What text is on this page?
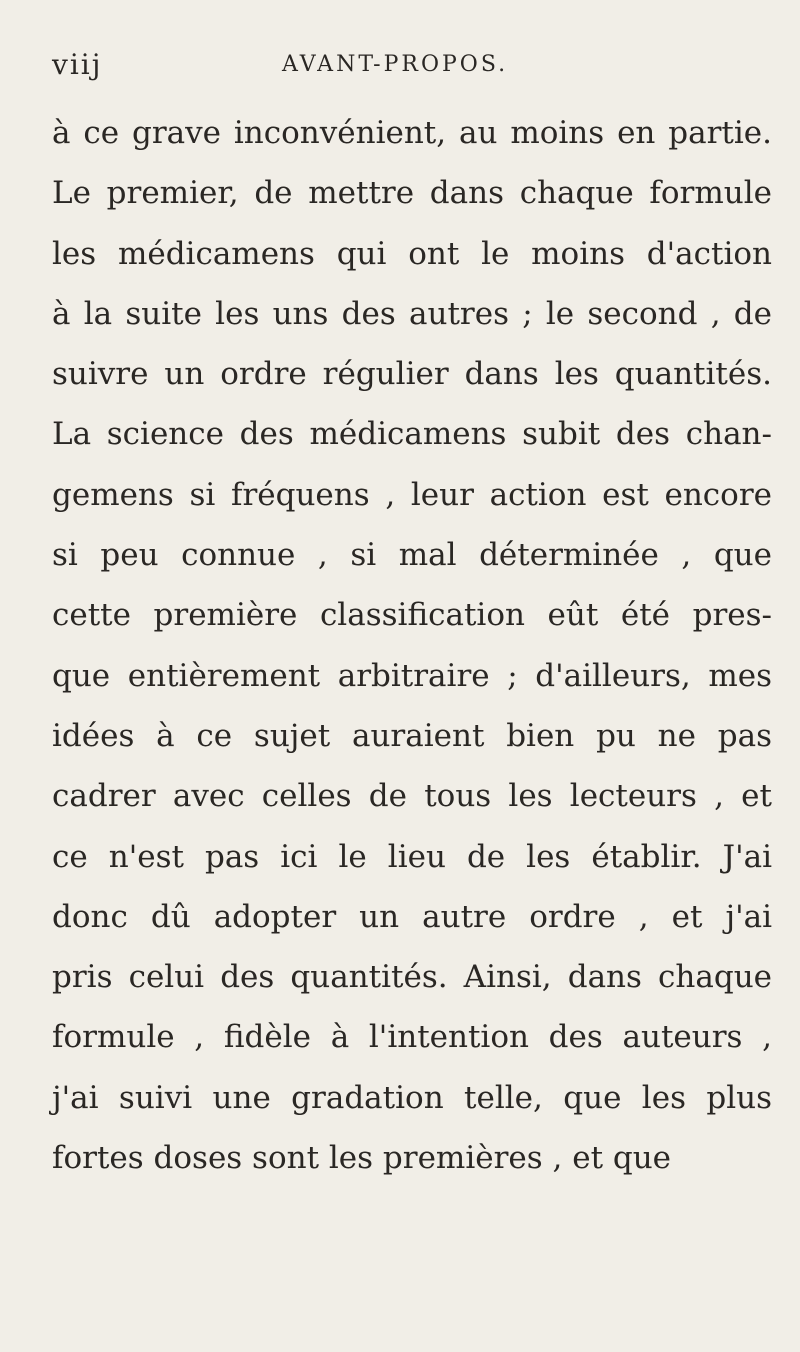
viij	AVANT-PROPOS.
à ce grave inconvénient, au moins en partie.
Le premier, de mettre dans chaque formule
les médicamens qui ont le moins d'action
à la suite les uns des autres ; le second , de
suivre un ordre régulier dans les quantités.
La science des médicamens subit des chan-
gemens si fréquens , leur action est encore
si peu connue , si mal déterminée , que
cette première classification eût été pres-
que entièrement arbitraire ; d'ailleurs, mes
idées à ce sujet auraient bien pu ne pas
cadrer avec celles de tous les lecteurs , et
ce n'est pas ici le lieu de les établir. J'ai
donc dû adopter un autre ordre , et j'ai
pris celui des quantités. Ainsi, dans chaque
formule , fidèle à l'intention des auteurs ,
j'ai suivi une gradation telle, que les plus
fortes doses sont les premières , et que
